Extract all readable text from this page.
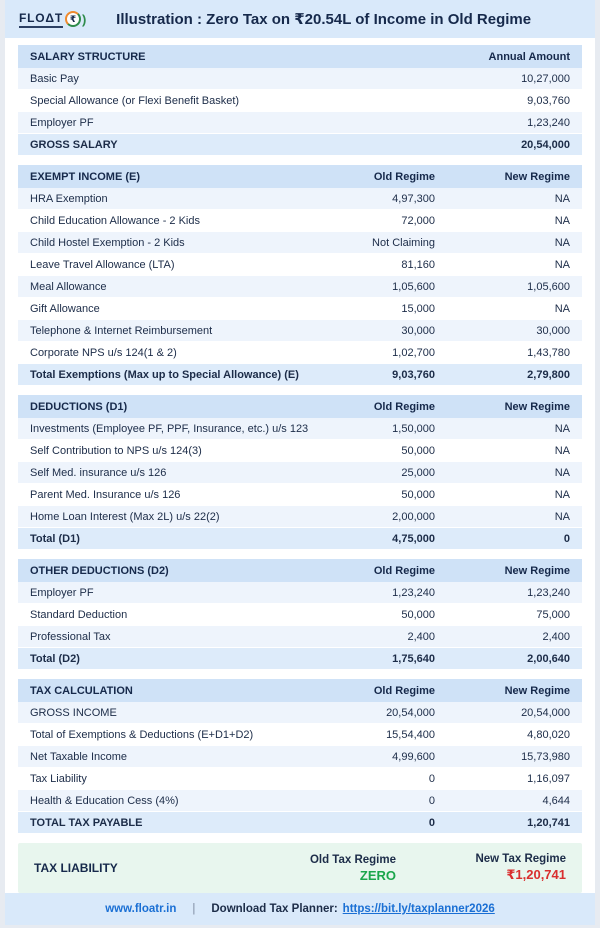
FLOΔT ₹ )	Illustration : Zero Tax on ₹20.54L of Income in Old Regime
SALARY STRUCTURE	Annual Amount
Basic Pay	10,27,000
Special Allowance (or Flexi Benefit Basket)	9,03,760
Employer PF	1,23,240
GROSS SALARY	20,54,000
EXEMPT INCOME (E)	Old Regime	New Regime
HRA Exemption	4,97,300	NA
Child Education Allowance - 2 Kids	72,000	NA
Child Hostel Exemption - 2 Kids	Not Claiming	NA
Leave Travel Allowance (LTA)	81,160	NA
Meal Allowance	1,05,600	1,05,600
Gift Allowance	15,000	NA
Telephone & Internet Reimbursement	30,000	30,000
Corporate NPS u/s 124(1 & 2)	1,02,700	1,43,780
Total Exemptions (Max up to Special Allowance) (E)	9,03,760	2,79,800
DEDUCTIONS (D1)	Old Regime	New Regime
Investments (Employee PF, PPF, Insurance, etc.) u/s 123	1,50,000	NA
Self Contribution to NPS u/s 124(3)	50,000	NA
Self Med. insurance u/s 126	25,000	NA
Parent Med. Insurance u/s 126	50,000	NA
Home Loan Interest (Max 2L) u/s 22(2)	2,00,000	NA
Total (D1)	4,75,000	0
OTHER DEDUCTIONS (D2)	Old Regime	New Regime
Employer PF	1,23,240	1,23,240
Standard Deduction	50,000	75,000
Professional Tax	2,400	2,400
Total (D2)	1,75,640	2,00,640
TAX CALCULATION	Old Regime	New Regime
GROSS INCOME	20,54,000	20,54,000
Total of Exemptions & Deductions (E+D1+D2)	15,54,400	4,80,020
Net Taxable Income	4,99,600	15,73,980
Tax Liability	0	1,16,097
Health & Education Cess (4%)	0	4,644
TOTAL TAX PAYABLE	0	1,20,741
TAX LIABILITY
Old Tax Regime
ZERO
New Tax Regime
₹1,20,741
www.floatr.in | Download Tax Planner: https://bit.ly/taxplanner2026
